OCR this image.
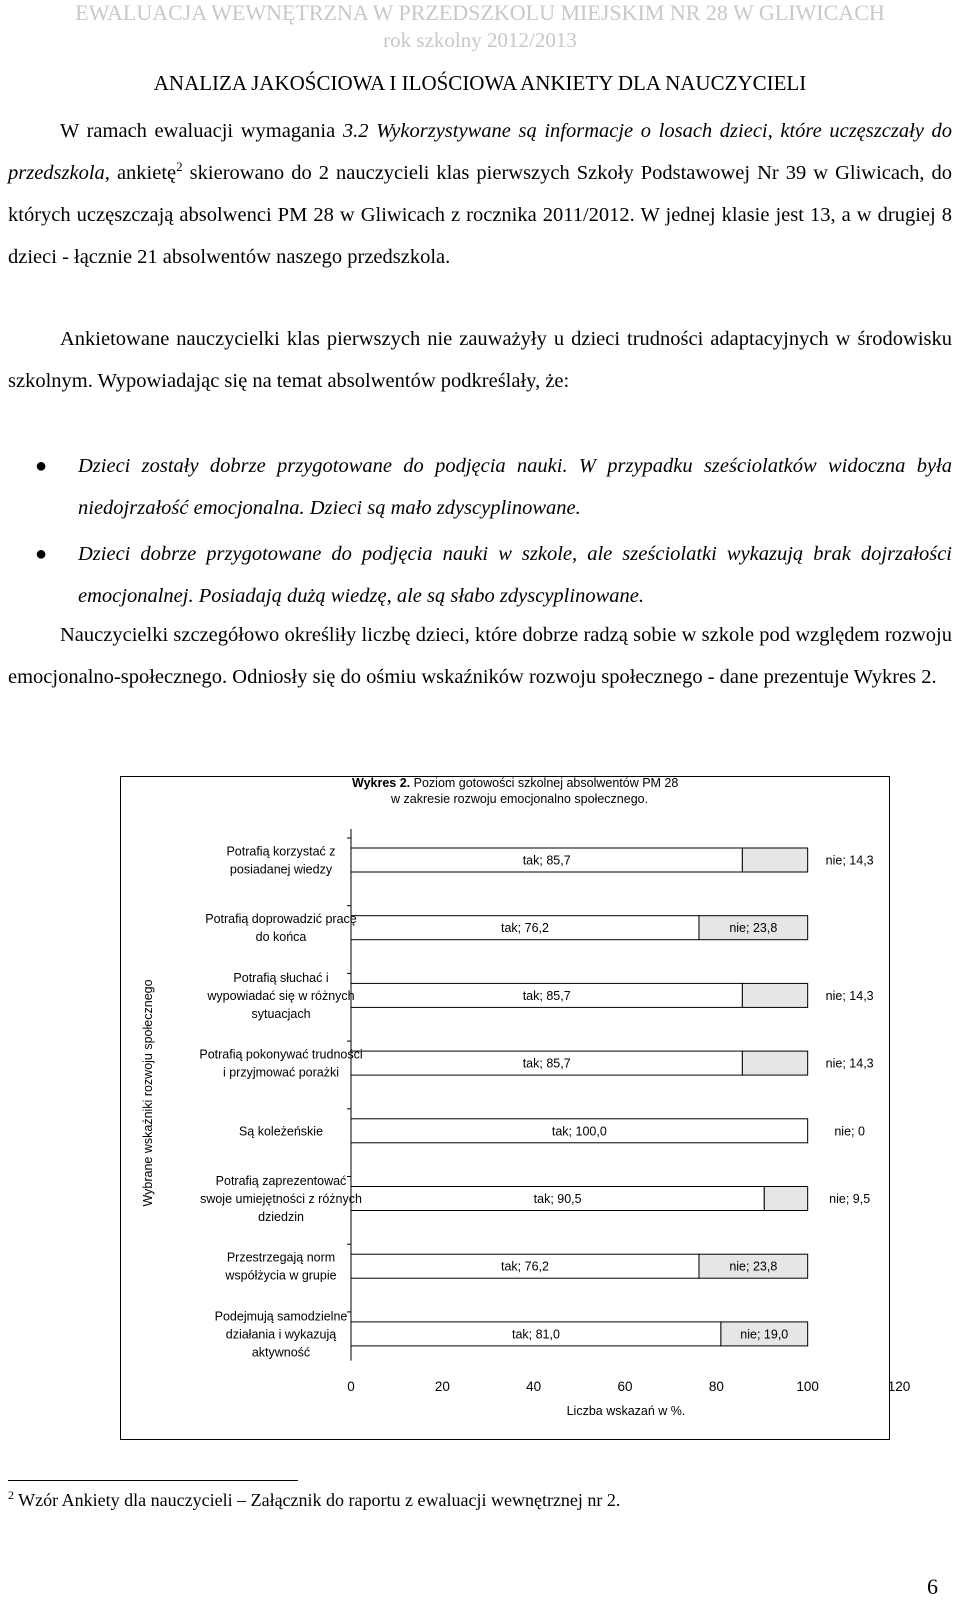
EWALUACJA WEWNĘTRZNA W PRZEDSZKOLU MIEJSKIM NR 28 W GLIWICACH
rok szkolny 2012/2013
ANALIZA JAKOŚCIOWA I ILOŚCIOWA ANKIETY DLA NAUCZYCIELI

W ramach ewaluacji wymagania 3.2 Wykorzystywane są informacje o losach dzieci, które uczęszczały do przedszkola, ankietę$^2$ skierowano do 2 nauczycieli klas pierwszych Szkoły Podstawowej Nr 39 w Gliwicach, do których uczęszczają absolwenci PM 28 w Gliwicach z rocznika 2011/2012. W jednej klasie jest 13, a w drugiej 8 dzieci - łącznie 21 absolwentów naszego przedszkola.

Ankietowane nauczycielki klas pierwszych nie zauważyły u dzieci trudności adaptacyjnych w środowisku szkolnym. Wypowiadając się na temat absolwentów podkreślały, że:

● Dzieci zostały dobrze przygotowane do podjęcia nauki. W przypadku sześciolatków widoczna była niedojrzałość emocjonalna. Dzieci są mało zdyscyplinowane.
● Dzieci dobrze przygotowane do podjęcia nauki w szkole, ale sześciolatki wykazują brak dojrzałości emocjonalnej. Posiadają dużą wiedzę, ale są słabo zdyscyplinowane.

Nauczycielki szczegółowo określiły liczbę dzieci, które dobrze radzą sobie w szkole pod względem rozwoju emocjonalno-społecznego. Odniosły się do ośmiu wskaźników rozwoju społecznego - dane prezentuje Wykres 2.

Wykres 2. Poziom gotowości szkolnej absolwentów PM 28
w zakresie rozwoju emocjonalno społecznego.
tak; 85,7	nie; 14,3
Potrafią korzystać z posiadanej wiedzy
tak; 76,2	nie; 23,8
Potrafią doprowadzić pracę do końca
tak; 85,7	nie; 14,3
Potrafią słuchać i wypowiadać się w różnych sytuacjach
tak; 85,7	nie; 14,3
Potrafią pokonywać trudności i przyjmować porażki
tak; 100,0	nie; 0
Są koleżeńskie
tak; 90,5	nie; 9,5
Potrafią zaprezentować swoje umiejętności z różnych dziedzin
tak; 76,2	nie; 23,8
Przestrzegają norm współżycia w grupie
tak; 81,0	nie; 19,0
Podejmują samodzielne działania i wykazują aktywność
0	20	40	60	80	100	120
Liczba wskazań w %.
Wybrane wskaźniki rozwoju społecznego
$^2$ Wzór Ankiety dla nauczycieli – Załącznik do raportu z ewaluacji wewnętrznej nr 2.
6
